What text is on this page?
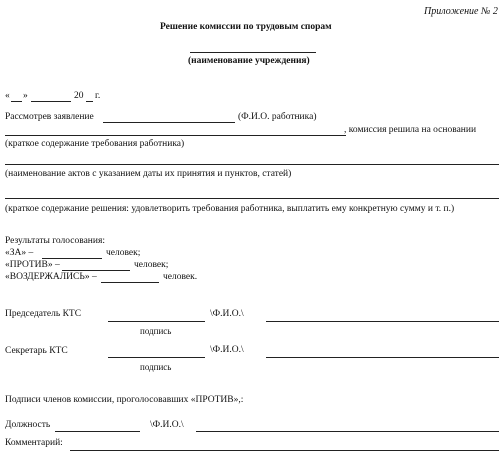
Приложение № 2
Решение комиссии по трудовым спорам
(наименование учреждения)
« »	20 г.
Рассмотрев заявление	(Ф.И.О. работника)
, комиссия решила на основании
(краткое содержание требования работника)
(наименование актов с указанием даты их принятия и пунктов, статей)
(краткое содержание решения: удовлетворить требования работника, выплатить ему конкретную сумму и т. п.)
Результаты голосования:
«ЗА» –	человек;
«ПРОТИВ» –	человек;
«ВОЗДЕРЖАЛИСЬ» –	человек.
Председатель КТС	\Ф.И.О.\
подпись
Секретарь КТС	\Ф.И.О.\
подпись
Подписи членов комиссии, проголосовавших «ПРОТИВ»,:
Должность	\Ф.И.О.\
Комментарий:
